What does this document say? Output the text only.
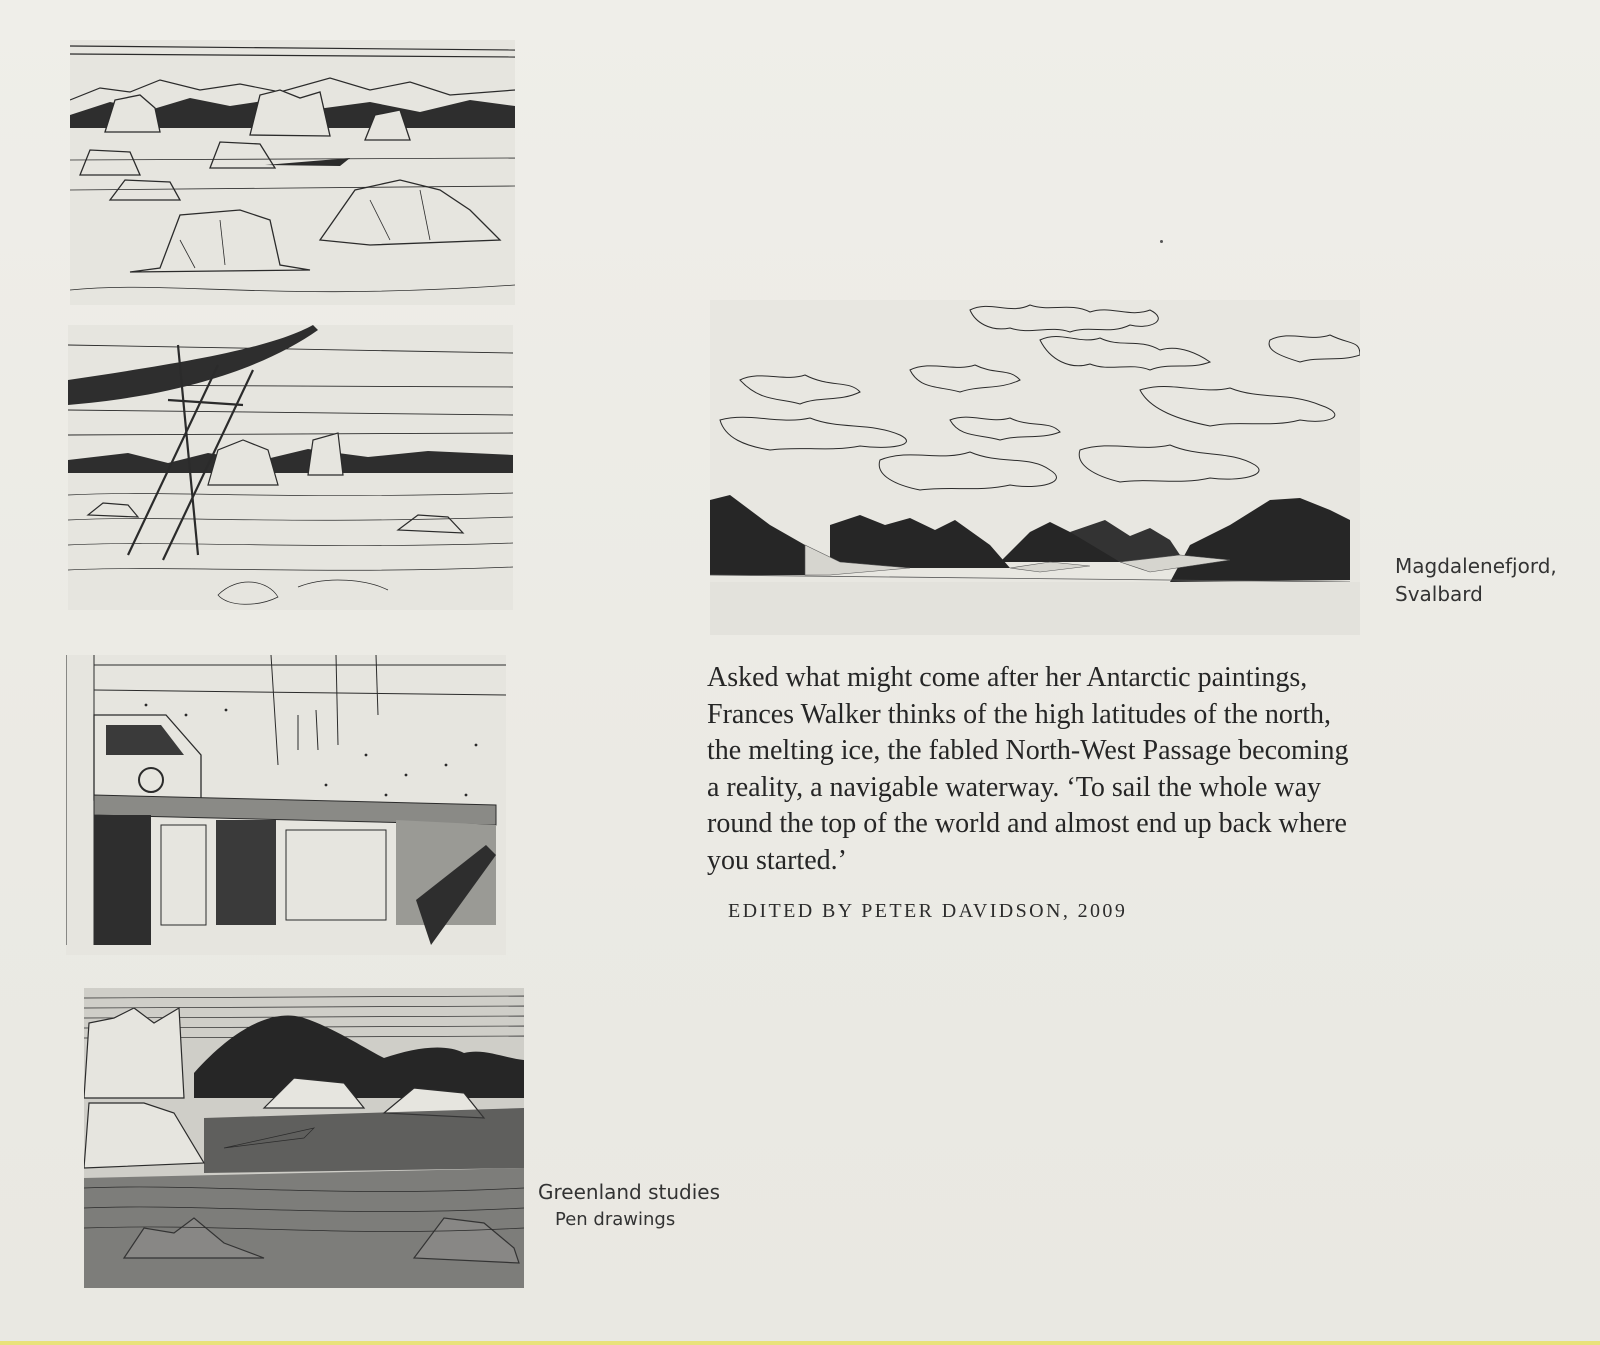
Magdalenefjord,
Svalbard

Asked what might come after her Antarctic paintings, Frances Walker thinks of the high latitudes of the north, the melting ice, the fabled North-West Passage becoming a reality, a navigable waterway. ‘To sail the whole way round the top of the world and almost end up back where you started.’

EDITED BY PETER DAVIDSON, 2009
Greenland studies
Pen drawings
